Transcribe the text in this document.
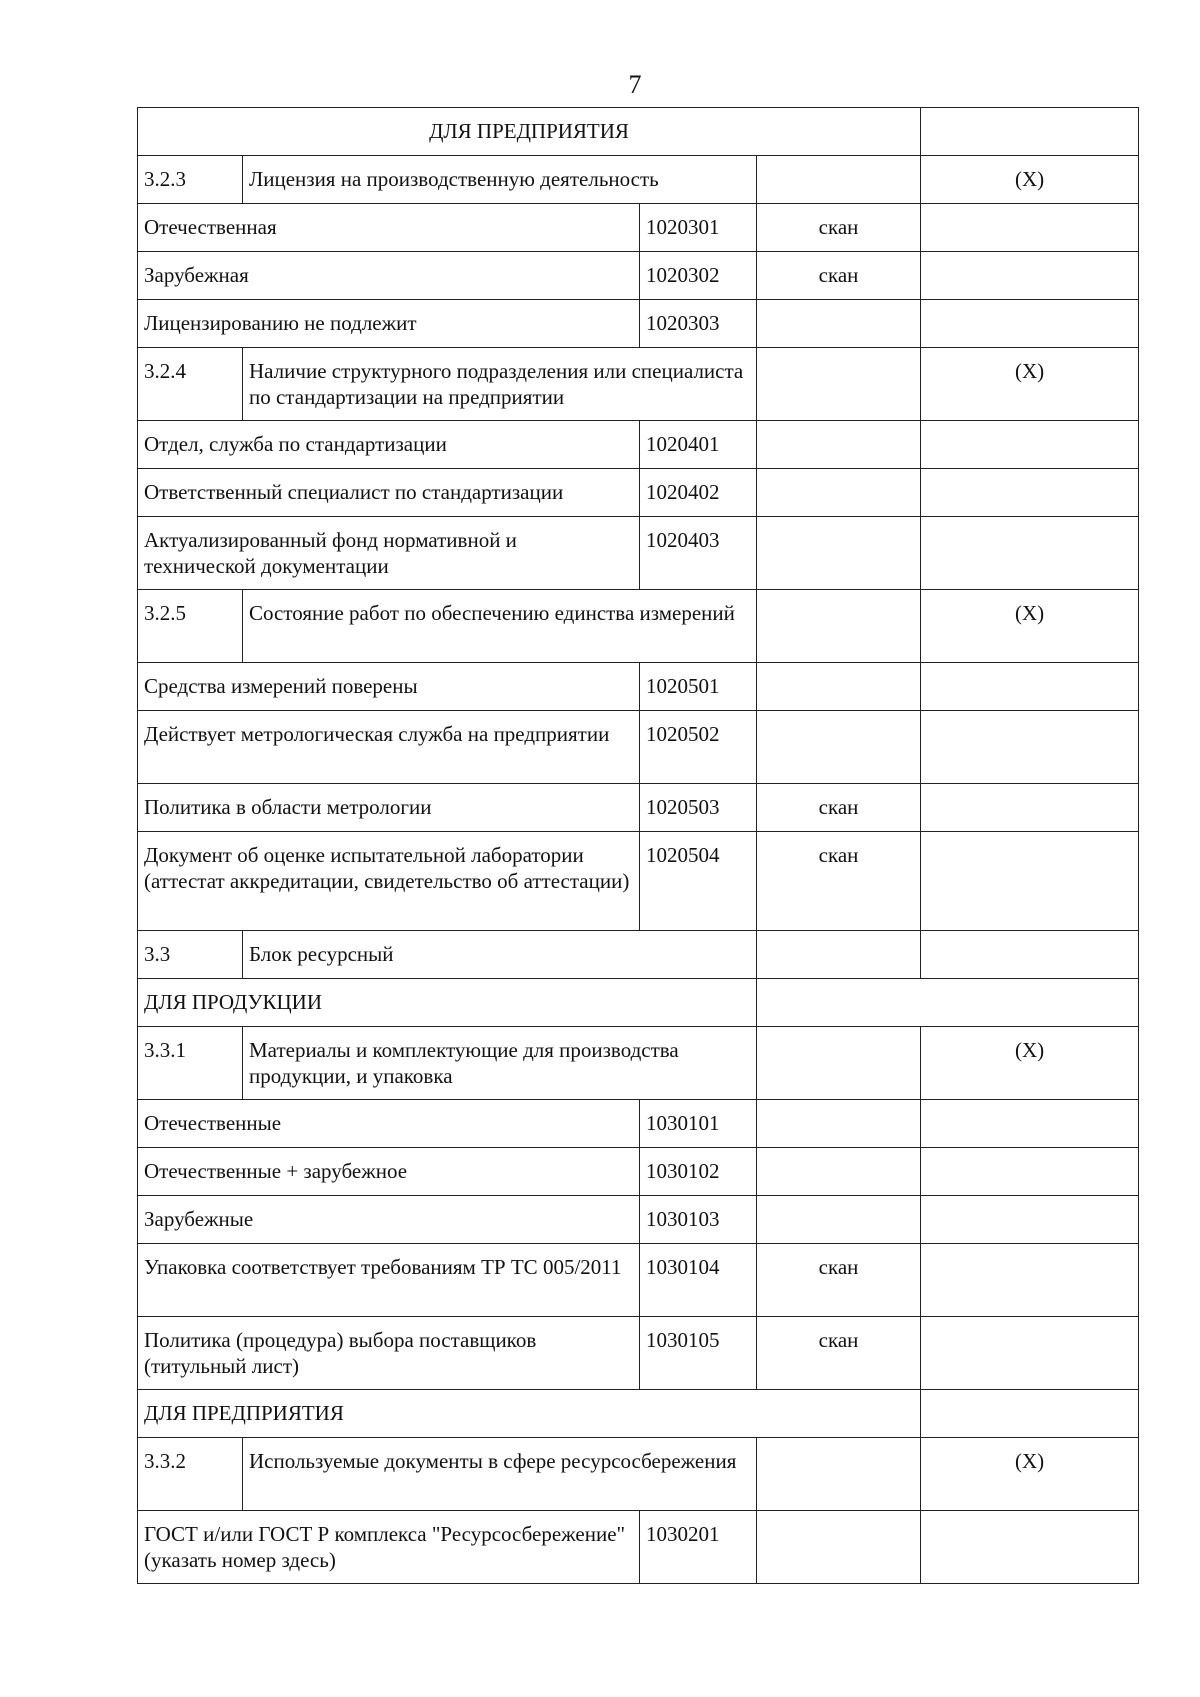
7
ДЛЯ ПРЕДПРИЯТИЯ				
3.2.3	Лицензия на производственную деятельность			(X)
Отечественная		1020301	скан	
Зарубежная		1020302	скан	
Лицензированию не подлежит		1020303		
3.2.4	Наличие структурного подразделения или специалиста по стандартизации на предприятии			(X)
Отдел, служба по стандартизации		1020401		
Ответственный специалист по стандартизации		1020402		
Актуализированный фонд нормативной и технической документации		1020403		
3.2.5	Состояние работ по обеспечению единства измерений			(X)
Средства измерений поверены		1020501		
Действует метрологическая служба на предприятии		1020502		
Политика в области метрологии		1020503	скан	
Документ об оценке испытательной лаборатории (аттестат аккредитации, свидетельство об аттестации)		1020504	скан	
3.3	Блок ресурсный			
ДЛЯ ПРОДУКЦИИ				
3.3.1	Материалы и комплектующие для производства продукции, и упаковка			(X)
Отечественные		1030101		
Отечественные + зарубежное		1030102		
Зарубежные		1030103		
Упаковка соответствует требованиям ТР ТС 005/2011		1030104	скан	
Политика (процедура) выбора поставщиков (титульный лист)		1030105	скан	
ДЛЯ ПРЕДПРИЯТИЯ				
3.3.2	Используемые документы в сфере ресурсосбережения			(X)
ГОСТ и/или ГОСТ Р комплекса "Ресурсосбережение" (указать номер здесь)		1030201		
